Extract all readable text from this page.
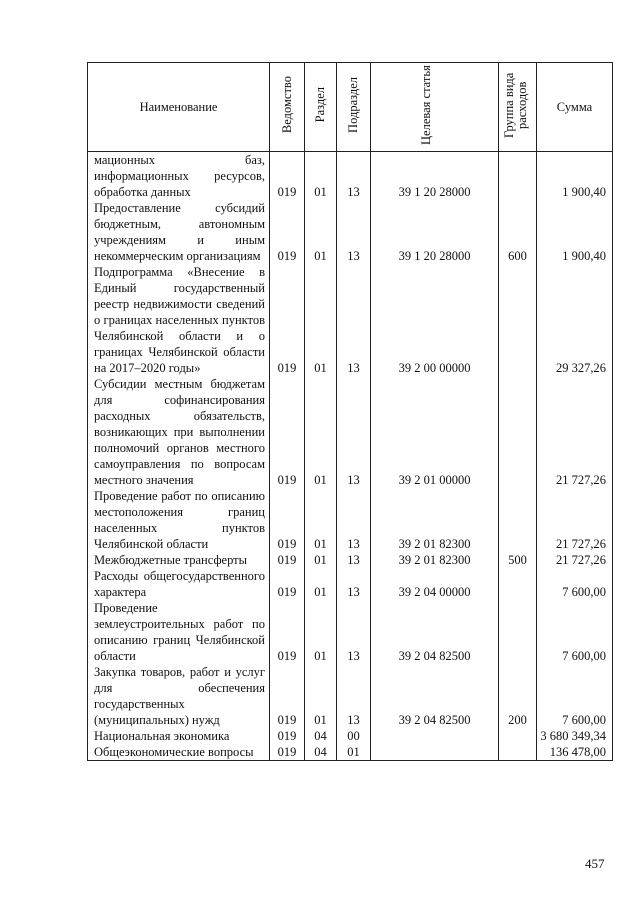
Наименование	Ведомство	Раздел	Подраздел	Целевая статья	Группа вида расходов	Сумма
мационных баз, информационных ресурсов, обработка данных	019	01	13	39 1 20 28000		1 900,40
Предоставление субсидий бюджетным, автономным учреждениям и иным некоммерческим организациям	019	01	13	39 1 20 28000	600	1 900,40
Подпрограмма «Внесение в Единый государственный реестр недвижимости сведений о границах населенных пунктов Челябинской области и о границах Челябинской области на 2017–2020 годы»	019	01	13	39 2 00 00000		29 327,26
Субсидии местным бюджетам для софинансирования расходных обязательств, возникающих при выполнении полномочий органов местного самоуправления по вопросам местного значения	019	01	13	39 2 01 00000		21 727,26
Проведение работ по описанию местоположения границ населенных пунктов Челябинской области	019	01	13	39 2 01 82300		21 727,26
Межбюджетные трансферты	019	01	13	39 2 01 82300	500	21 727,26
Расходы общегосударственного характера	019	01	13	39 2 04 00000		7 600,00
Проведение землеустроительных работ по описанию границ Челябинской области	019	01	13	39 2 04 82500		7 600,00
Закупка товаров, работ и услуг для обеспечения государственных (муниципальных) нужд	019	01	13	39 2 04 82500	200	7 600,00
Национальная экономика	019	04	00			3 680 349,34
Общеэкономические вопросы	019	04	01			136 478,00
457
